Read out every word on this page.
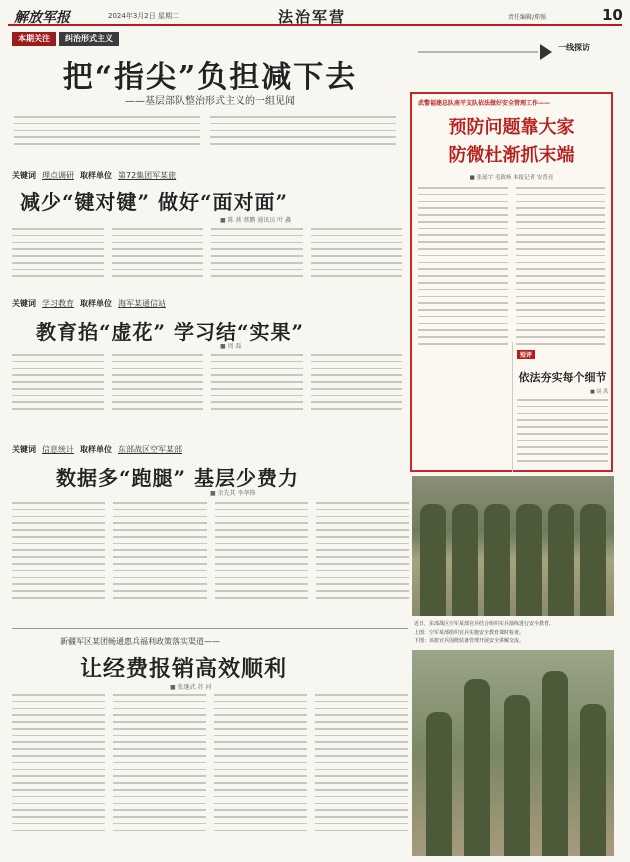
解放军报	2024年3月2日 星期二	法治军营	责任编辑/郑强	10
本期关注	纠治形式主义
把“指尖”负担减下去
——基层部队整治形式主义的一组见闻
关键词 理点调研 取样单位 第72集团军某旅
减少“键对键” 做好“面对面”
■ 陈 燕 蔡鹏 通讯员 叶 鑫
关键词 学习教育 取样单位 海军某通信站
教育掐“虚花” 学习结“实果”
■ 周 磊
关键词 信息统计 取样单位 东部战区空军某部
数据多“跑腿” 基层少费力
■ 余先其 李华锋
新疆军区某团畅通惠兵福利政策落实渠道——
让经费报销高效顺利
■ 张继武 苏 河
一线探访
武警福建总队南平支队依法做好安全管理工作——
预防问题靠大家
防微杜渐抓末端
■ 张瑶宇 毛致杨 本报记者 安普亮
短评
依法夯实每个细节
■ 胡 禹
近日，东部战区空军某部官兵结合组织实兵演练进行安全教育。
上图：空军某部组织官兵实施安全教育课时检查。
下图：该旅官兵围绕装备管理开展安全讲解交流。
